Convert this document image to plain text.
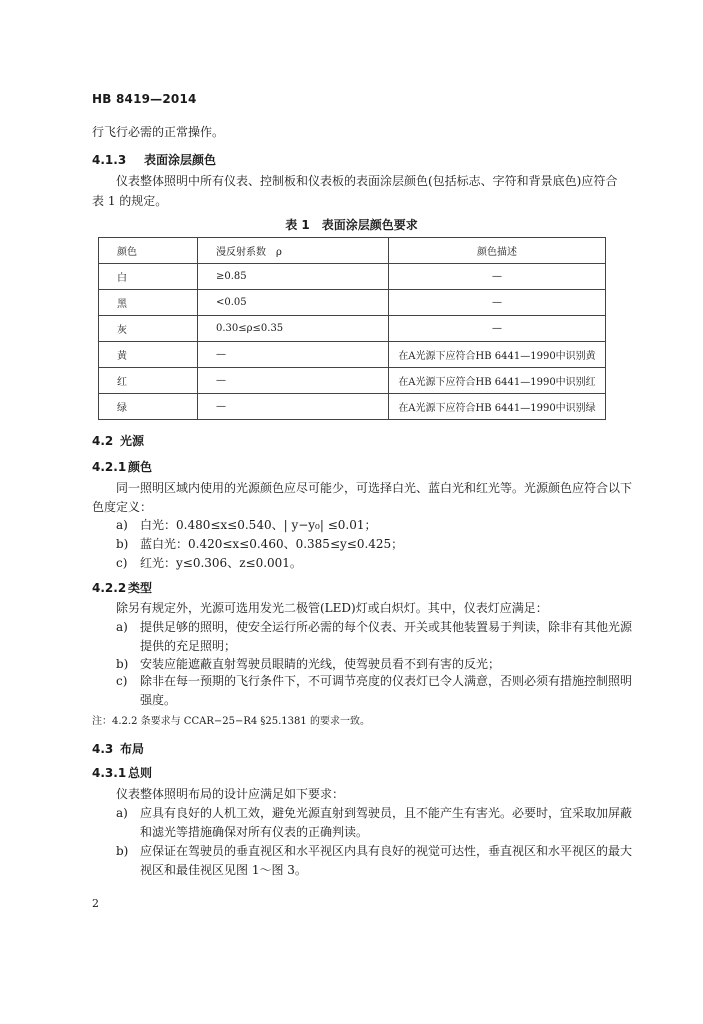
HB 8419—2014
行飞行必需的正常操作。
4.1.3 表面涂层颜色
仪表整体照明中所有仪表、控制板和仪表板的表面涂层颜色(包括标志、字符和背景底色)应符合
表 1 的规定。
表 1　表面涂层颜色要求
颜色	漫反射系数　ρ	颜色描述
白	≥0.85	—
黑	<0.05	—
灰	0.30≤ρ≤0.35	—
黄	—	在A光源下应符合HB 6441—1990中识别黄
红	—	在A光源下应符合HB 6441—1990中识别红
绿	—	在A光源下应符合HB 6441—1990中识别绿
4.2 光源
4.2.1 颜色
同一照明区域内使用的光源颜色应尽可能少，可选择白光、蓝白光和红光等。光源颜色应符合以下
色度定义：
a) 白光：0.480≤x≤0.540、| y−y₀| ≤0.01；
b) 蓝白光：0.420≤x≤0.460、0.385≤y≤0.425；
c) 红光：y≤0.306、z≤0.001。
4.2.2 类型
除另有规定外，光源可选用发光二极管(LED)灯或白炽灯。其中，仪表灯应满足：
a) 提供足够的照明，使安全运行所必需的每个仪表、开关或其他装置易于判读，除非有其他光源
提供的充足照明；
b) 安装应能遮蔽直射驾驶员眼睛的光线，使驾驶员看不到有害的反光；
c) 除非在每一预期的飞行条件下，不可调节亮度的仪表灯已令人满意，否则必须有措施控制照明
强度。
注：4.2.2 条要求与 CCAR−25−R4 §25.1381 的要求一致。
4.3 布局
4.3.1 总则
仪表整体照明布局的设计应满足如下要求：
a) 应具有良好的人机工效，避免光源直射到驾驶员，且不能产生有害光。必要时，宜采取加屏蔽
和滤光等措施确保对所有仪表的正确判读。
b) 应保证在驾驶员的垂直视区和水平视区内具有良好的视觉可达性，垂直视区和水平视区的最大
视区和最佳视区见图 1～图 3。
2
